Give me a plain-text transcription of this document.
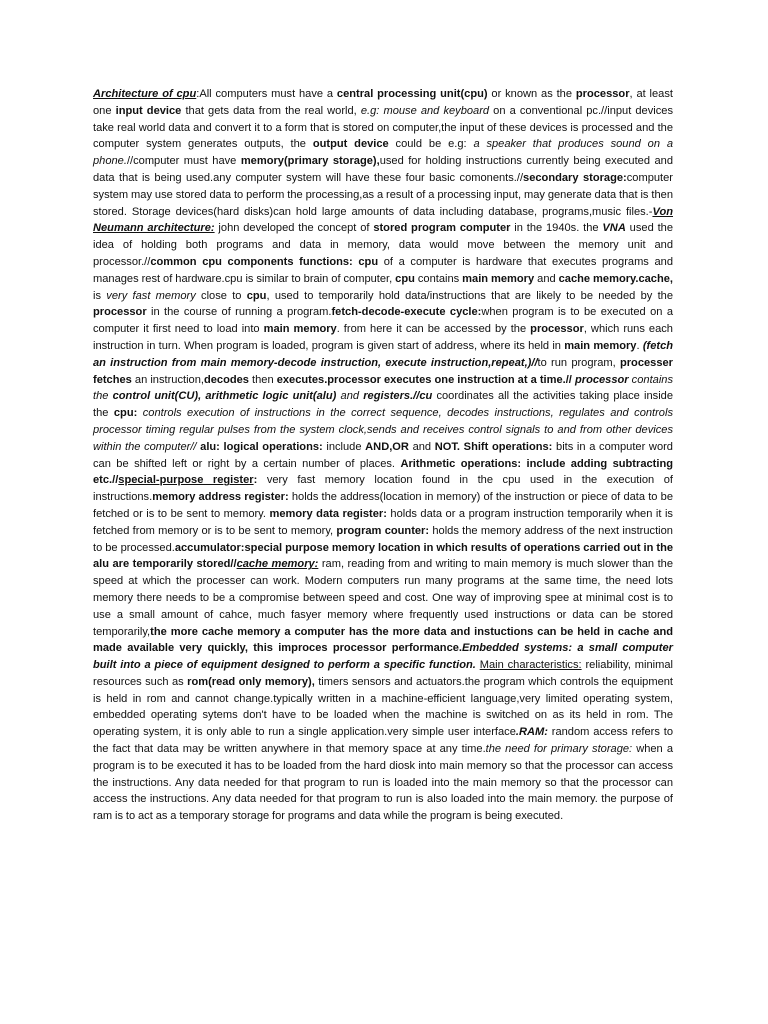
Architecture of cpu:All computers must have a central processing unit(cpu) or known as the processor, at least one input device that gets data from the real world, e.g: mouse and keyboard on a conventional pc.//input devices take real world data and convert it to a form that is stored on computer,the input of these devices is processed and the computer system generates outputs, the output device could be e.g: a speaker that produces sound on a phone.//computer must have memory(primary storage),used for holding instructions currently being executed and data that is being used.any computer system will have these four basic comonents.//secondary storage:computer system may use stored data to perform the processing,as a result of a processing input, may generate data that is then stored. Storage devices(hard disks)can hold large amounts of data including database, programs,music files.-Von Neumann architecture: john developed the concept of stored program computer in the 1940s. the VNA used the idea of holding both programs and data in memory, data would move between the memory unit and processor.//common cpu components functions: cpu of a computer is hardware that executes programs and manages rest of hardware.cpu is similar to brain of computer, cpu contains main memory and cache memory.cache, is very fast memory close to cpu, used to temporarily hold data/instructions that are likely to be needed by the processor in the course of running a program.fetch-decode-execute cycle:when program is to be executed on a computer it first need to load into main memory. from here it can be accessed by the processor, which runs each instruction in turn. When program is loaded, program is given start of address, where its held in main memory. (fetch an instruction from main memory-decode instruction, execute instruction,repeat,)//to run program, processer fetches an instruction,decodes then executes.processor executes one instruction at a time.// processor contains the control unit(CU), arithmetic logic unit(alu) and registers.//cu coordinates all the activities taking place inside the cpu: controls execution of instructions in the correct sequence, decodes instructions, regulates and controls processor timing regular pulses from the system clock,sends and receives control signals to and from other devices within the computer// alu: logical operations: include AND,OR and NOT. Shift operations: bits in a computer word can be shifted left or right by a certain number of places. Arithmetic operations: include adding subtracting etc.//special-purpose register: very fast memory location found in the cpu used in the execution of instructions.memory address register: holds the address(location in memory) of the instruction or piece of data to be fetched or is to be sent to memory. memory data register: holds data or a program instruction temporarily when it is fetched from memory or is to be sent to memory, program counter: holds the memory address of the next instruction to be processed.accumulator:special purpose memory location in which results of operations carried out in the alu are temporarily stored//cache memory: ram, reading from and writing to main memory is much slower than the speed at which the processer can work. Modern computers run many programs at the same time, the need lots memory there needs to be a compromise between speed and cost. One way of improving spee at minimal cost is to use a small amount of cahce, much fasyer memory where frequently used instructions or data can be stored temporarily,the more cache memory a computer has the more data and instuctions can be held in cache and made available very quickly, this improces processor performance.Embedded systems: a small computer built into a piece of equipment designed to perform a specific function. Main characteristics: reliability, minimal resources such as rom(read only memory), timers sensors and actuators.the program which controls the equipment is held in rom and cannot change.typically written in a machine-efficient language,very limited operating system, embedded operating sytems don't have to be loaded when the machine is switched on as its held in rom. The operating system, it is only able to run a single application.very simple user interface.RAM: random access refers to the fact that data may be written anywhere in that memory space at any time.the need for primary storage: when a program is to be executed it has to be loaded from the hard diosk into main memory so that the processor can access the instructions. Any data needed for that program to run is loaded into the main memory so that the processor can access the instructions. Any data needed for that program to run is also loaded into the main memory. the purpose of ram is to act as a temporary storage for programs and data while the program is being executed.
